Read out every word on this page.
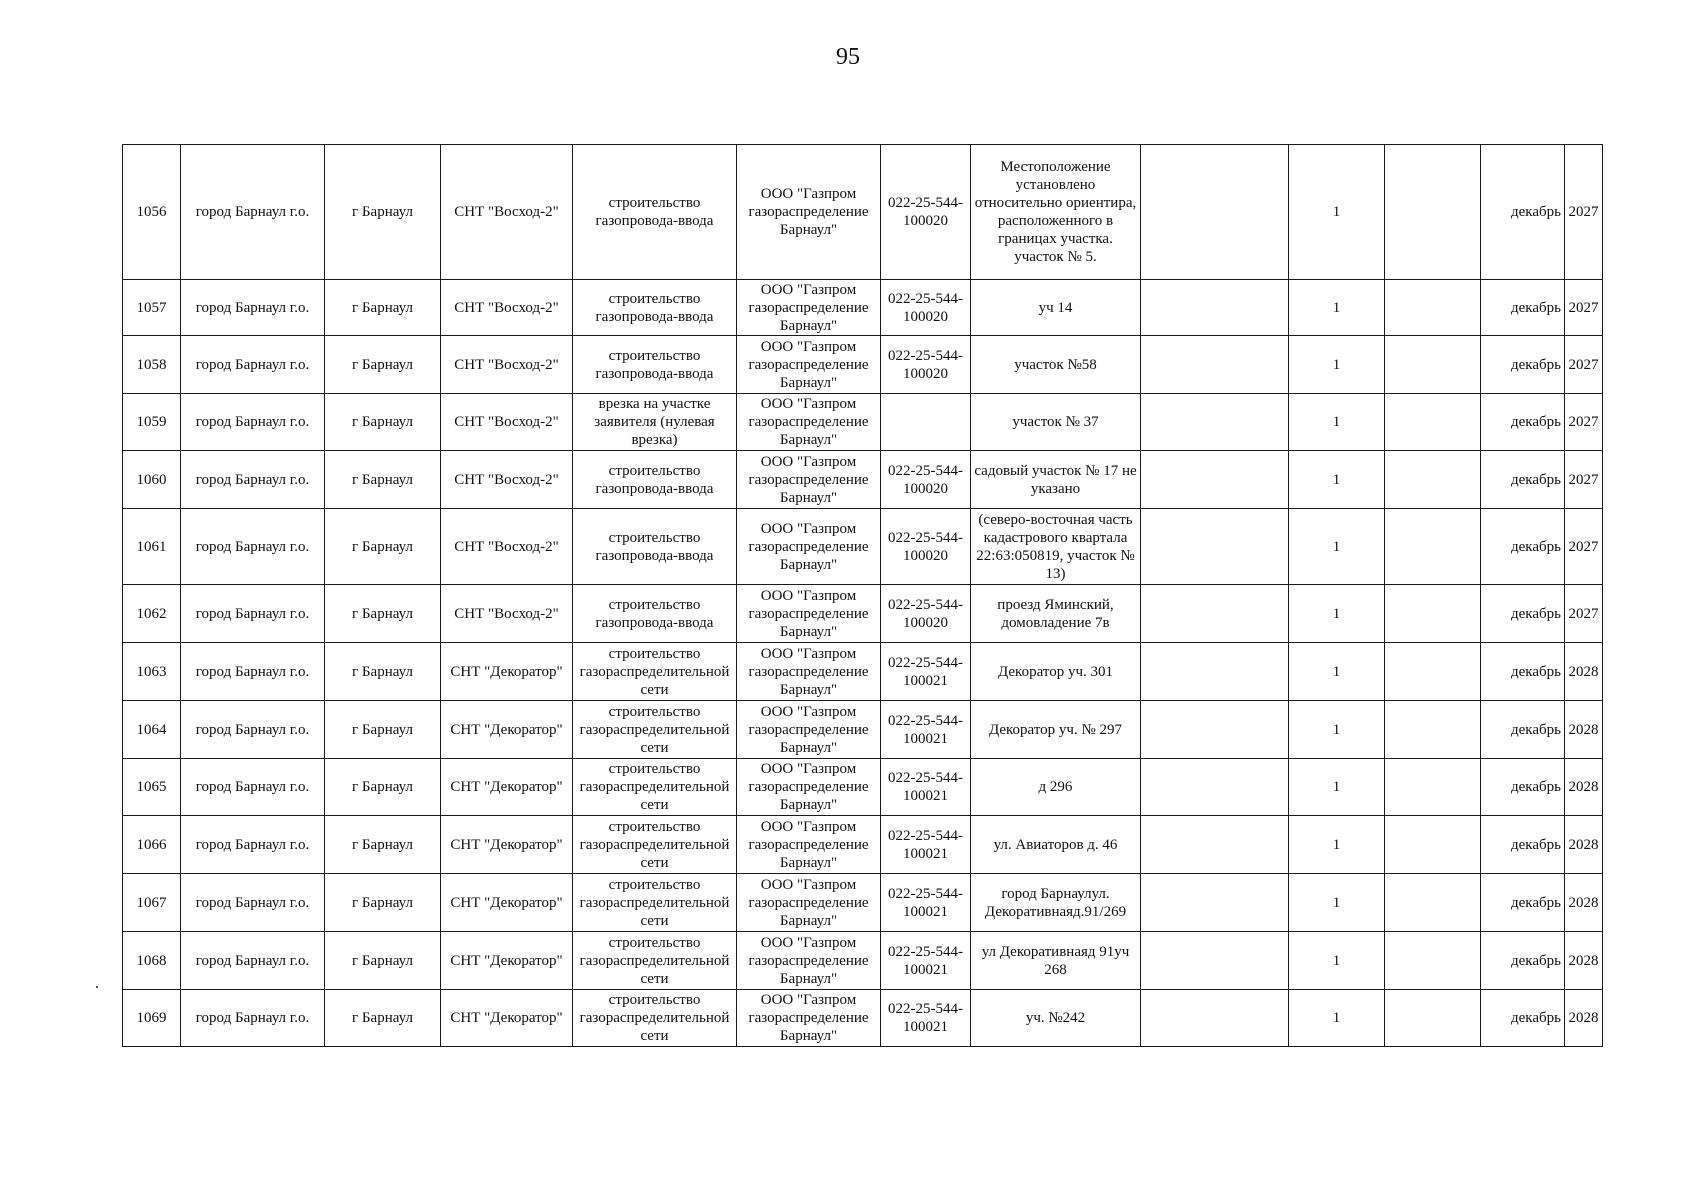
95
1056	город Барнаул г.о.	г Барнаул	СНТ "Восход-2"	строительство газопровода-ввода	ООО "Газпром газораспределение Барнаул"	022-25-544-100020	Местоположение установлено относительно ориентира, расположенного в границах участка. участок № 5.		1		декабрь	2027
1057	город Барнаул г.о.	г Барнаул	СНТ "Восход-2"	строительство газопровода-ввода	ООО "Газпром газораспределение Барнаул"	022-25-544-100020	уч 14		1		декабрь	2027
1058	город Барнаул г.о.	г Барнаул	СНТ "Восход-2"	строительство газопровода-ввода	ООО "Газпром газораспределение Барнаул"	022-25-544-100020	участок №58		1		декабрь	2027
1059	город Барнаул г.о.	г Барнаул	СНТ "Восход-2"	врезка на участке заявителя (нулевая врезка)	ООО "Газпром газораспределение Барнаул"		участок № 37		1		декабрь	2027
1060	город Барнаул г.о.	г Барнаул	СНТ "Восход-2"	строительство газопровода-ввода	ООО "Газпром газораспределение Барнаул"	022-25-544-100020	садовый участок № 17 не указано		1		декабрь	2027
1061	город Барнаул г.о.	г Барнаул	СНТ "Восход-2"	строительство газопровода-ввода	ООО "Газпром газораспределение Барнаул"	022-25-544-100020	(северо-восточная часть кадастрового квартала 22:63:050819, участок № 13)		1		декабрь	2027
1062	город Барнаул г.о.	г Барнаул	СНТ "Восход-2"	строительство газопровода-ввода	ООО "Газпром газораспределение Барнаул"	022-25-544-100020	проезд Яминский, домовладение 7в		1		декабрь	2027
1063	город Барнаул г.о.	г Барнаул	СНТ "Декоратор"	строительство газораспределительной сети	ООО "Газпром газораспределение Барнаул"	022-25-544-100021	Декоратор уч. 301		1		декабрь	2028
1064	город Барнаул г.о.	г Барнаул	СНТ "Декоратор"	строительство газораспределительной сети	ООО "Газпром газораспределение Барнаул"	022-25-544-100021	Декоратор уч. № 297		1		декабрь	2028
1065	город Барнаул г.о.	г Барнаул	СНТ "Декоратор"	строительство газораспределительной сети	ООО "Газпром газораспределение Барнаул"	022-25-544-100021	д 296		1		декабрь	2028
1066	город Барнаул г.о.	г Барнаул	СНТ "Декоратор"	строительство газораспределительной сети	ООО "Газпром газораспределение Барнаул"	022-25-544-100021	ул. Авиаторов д. 46		1		декабрь	2028
1067	город Барнаул г.о.	г Барнаул	СНТ "Декоратор"	строительство газораспределительной сети	ООО "Газпром газораспределение Барнаул"	022-25-544-100021	город Барнаулул. Декоративнаяд.91/269		1		декабрь	2028
1068	город Барнаул г.о.	г Барнаул	СНТ "Декоратор"	строительство газораспределительной сети	ООО "Газпром газораспределение Барнаул"	022-25-544-100021	ул Декоративнаяд 91уч 268		1		декабрь	2028
1069	город Барнаул г.о.	г Барнаул	СНТ "Декоратор"	строительство газораспределительной сети	ООО "Газпром газораспределение Барнаул"	022-25-544-100021	уч. №242		1		декабрь	2028
